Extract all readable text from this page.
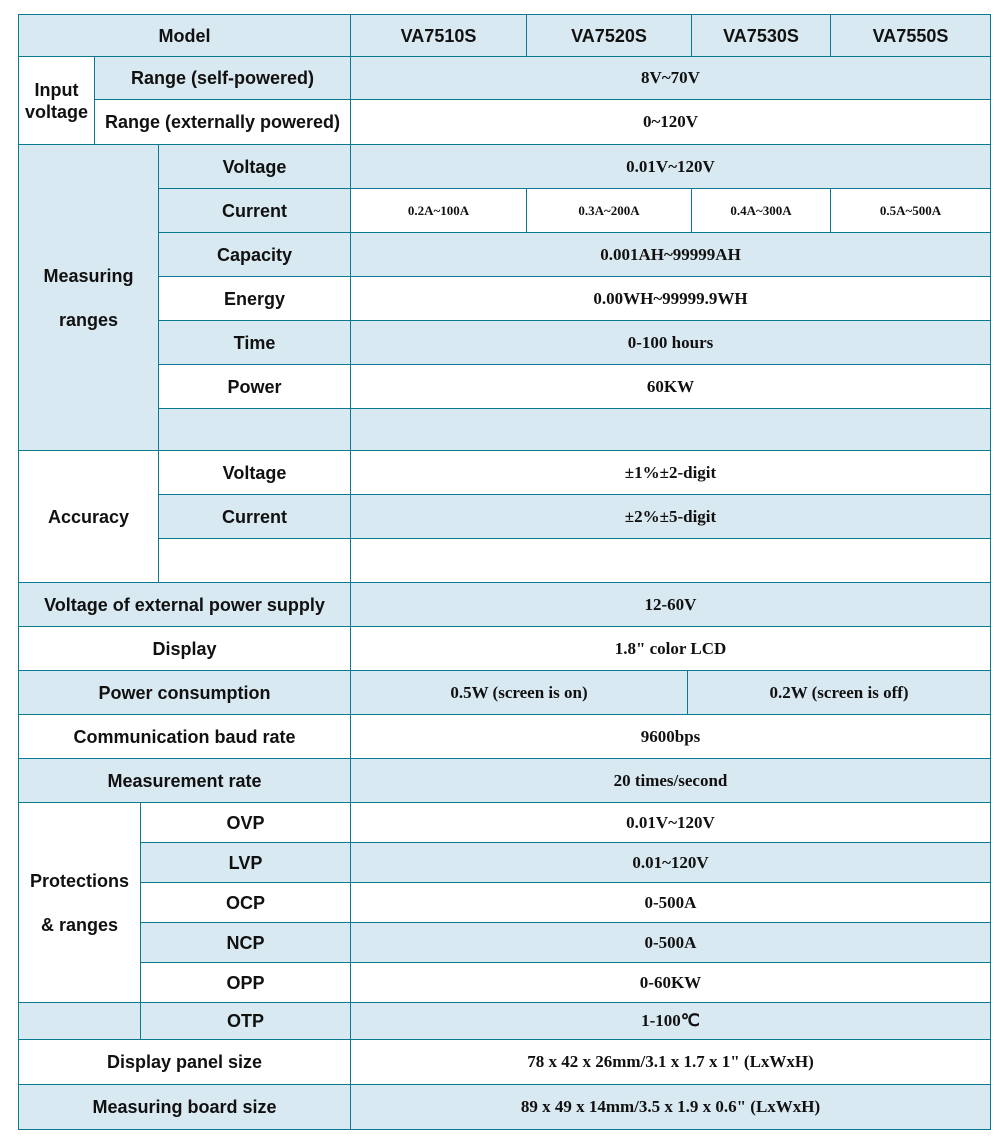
Model	VA7510S	VA7520S	VA7530S	VA7550S
Input
voltage
Range (self-powered)	8V~70V
Range (externally powered)	0~120V
Measuring

ranges
Voltage	0.01V~120V
Current	0.2A~100A	0.3A~200A	0.4A~300A	0.5A~500A
Capacity	0.001AH~99999AH
Energy	0.00WH~99999.9WH
Time	0-100 hours
Power	60KW
Accuracy
Voltage	±1%±2-digit
Current	±2%±5-digit
Voltage of external power supply	12-60V
Display	1.8" color LCD
Power consumption	0.5W (screen is on)	0.2W (screen is off)
Communication baud rate	9600bps
Measurement rate	20 times/second
Protections

& ranges
OVP	0.01V~120V
LVP	0.01~120V
OCP	0-500A
NCP	0-500A
OPP	0-60KW
OTP	1-100℃
Display panel size	78 x 42 x 26mm/3.1 x 1.7 x 1" (LxWxH)
Measuring board size	89 x 49 x 14mm/3.5 x 1.9 x 0.6" (LxWxH)
